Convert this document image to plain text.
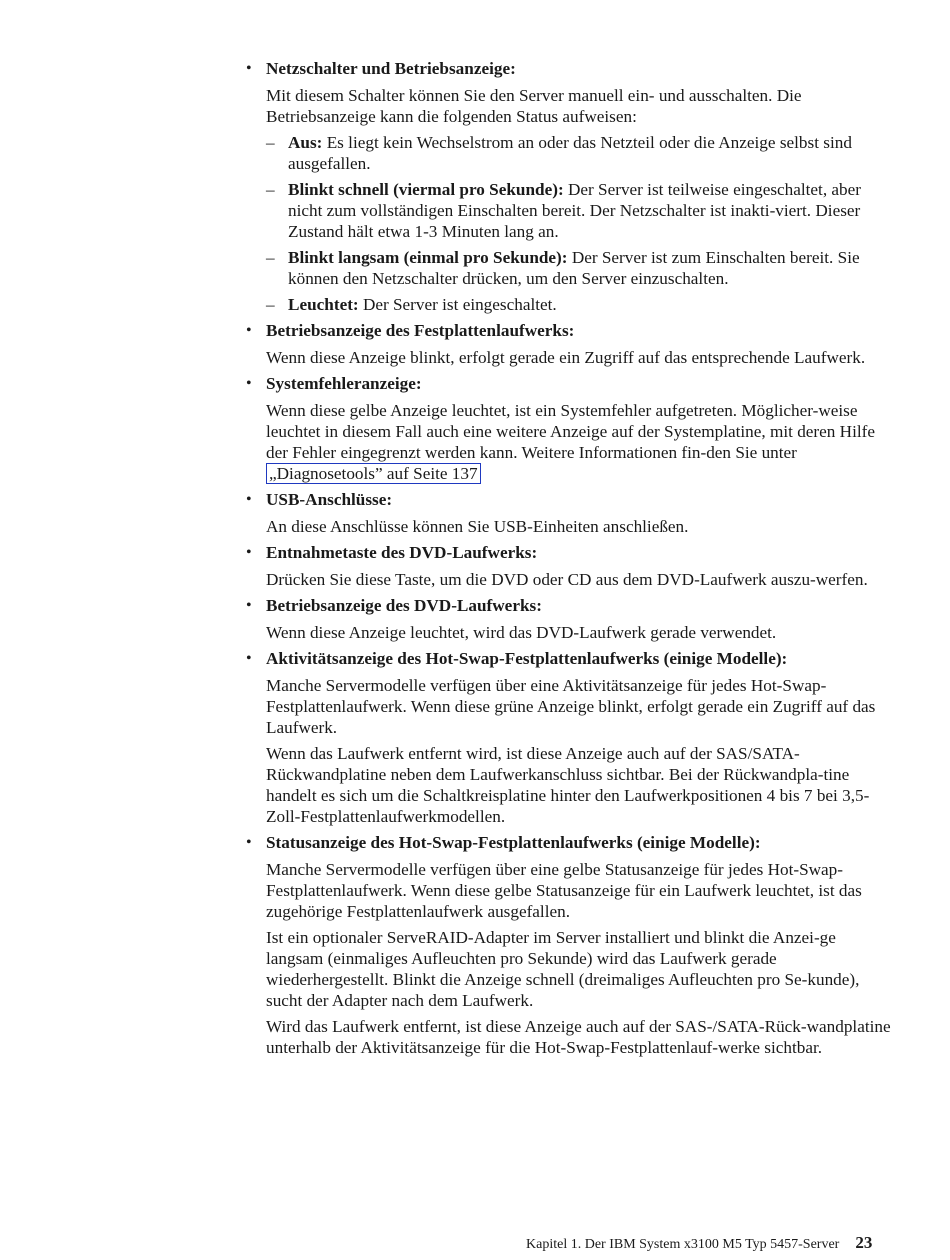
• Netzschalter und Betriebsanzeige:

Mit diesem Schalter können Sie den Server manuell ein- und ausschalten. Die Betriebsanzeige kann die folgenden Status aufweisen:

– Aus: Es liegt kein Wechselstrom an oder das Netzteil oder die Anzeige selbst sind ausgefallen.
– Blinkt schnell (viermal pro Sekunde): Der Server ist teilweise eingeschaltet, aber nicht zum vollständigen Einschalten bereit. Der Netzschalter ist inakti-viert. Dieser Zustand hält etwa 1-3 Minuten lang an.
– Blinkt langsam (einmal pro Sekunde): Der Server ist zum Einschalten bereit. Sie können den Netzschalter drücken, um den Server einzuschalten.
– Leuchtet: Der Server ist eingeschaltet.
• Betriebsanzeige des Festplattenlaufwerks:

Wenn diese Anzeige blinkt, erfolgt gerade ein Zugriff auf das entsprechende Laufwerk.

• Systemfehleranzeige:

Wenn diese gelbe Anzeige leuchtet, ist ein Systemfehler aufgetreten. Möglicher-weise leuchtet in diesem Fall auch eine weitere Anzeige auf der Systemplatine, mit deren Hilfe der Fehler eingegrenzt werden kann. Weitere Informationen fin-den Sie unter „Diagnosetools” auf Seite 137

• USB-Anschlüsse:

An diese Anschlüsse können Sie USB-Einheiten anschließen.

• Entnahmetaste des DVD-Laufwerks:

Drücken Sie diese Taste, um die DVD oder CD aus dem DVD-Laufwerk auszu-werfen.

• Betriebsanzeige des DVD-Laufwerks:

Wenn diese Anzeige leuchtet, wird das DVD-Laufwerk gerade verwendet.

• Aktivitätsanzeige des Hot-Swap-Festplattenlaufwerks (einige Modelle):

Manche Servermodelle verfügen über eine Aktivitätsanzeige für jedes Hot-Swap-Festplattenlaufwerk. Wenn diese grüne Anzeige blinkt, erfolgt gerade ein Zugriff auf das Laufwerk.

Wenn das Laufwerk entfernt wird, ist diese Anzeige auch auf der SAS/SATA-Rückwandplatine neben dem Laufwerkanschluss sichtbar. Bei der Rückwandpla-tine handelt es sich um die Schaltkreisplatine hinter den Laufwerkpositionen 4 bis 7 bei 3,5-Zoll-Festplattenlaufwerkmodellen.

• Statusanzeige des Hot-Swap-Festplattenlaufwerks (einige Modelle):

Manche Servermodelle verfügen über eine gelbe Statusanzeige für jedes Hot-Swap-Festplattenlaufwerk. Wenn diese gelbe Statusanzeige für ein Laufwerk leuchtet, ist das zugehörige Festplattenlaufwerk ausgefallen.

Ist ein optionaler ServeRAID-Adapter im Server installiert und blinkt die Anzei-ge langsam (einmaliges Aufleuchten pro Sekunde) wird das Laufwerk gerade wiederhergestellt. Blinkt die Anzeige schnell (dreimaliges Aufleuchten pro Se-kunde), sucht der Adapter nach dem Laufwerk.

Wird das Laufwerk entfernt, ist diese Anzeige auch auf der SAS-/SATA-Rück-wandplatine unterhalb der Aktivitätsanzeige für die Hot-Swap-Festplattenlauf-werke sichtbar.

Kapitel 1. Der IBM System x3100 M5 Typ 5457-Server 23
